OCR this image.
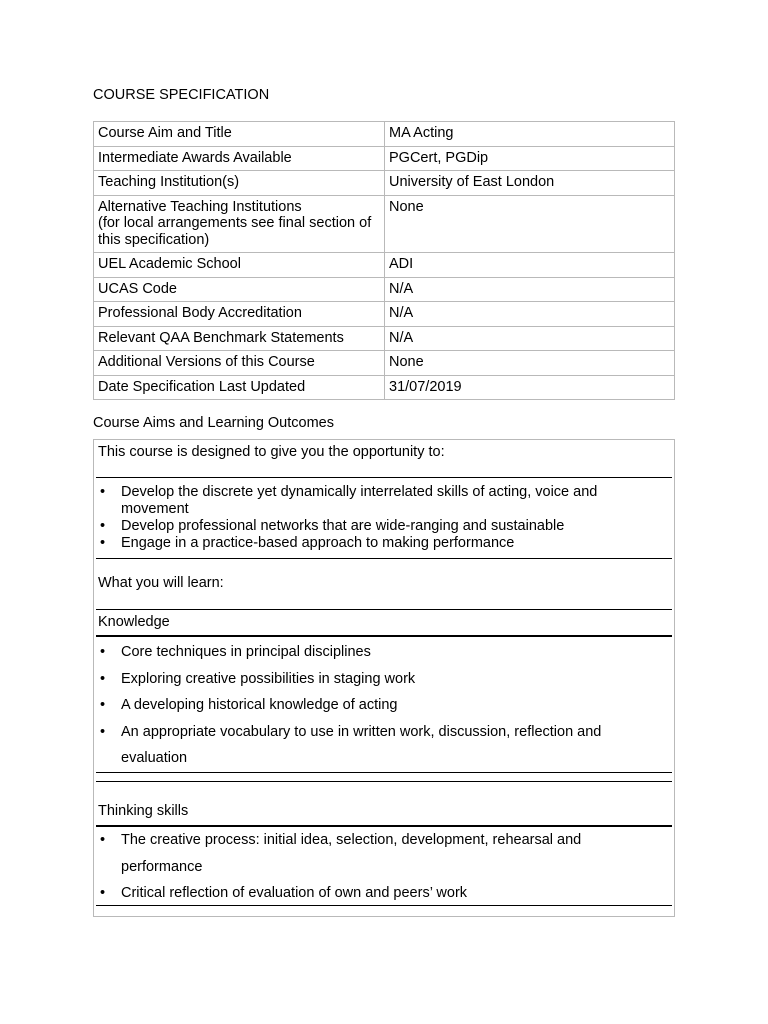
COURSE SPECIFICATION
Course Aim and Title	MA Acting
Intermediate Awards Available	PGCert, PGDip
Teaching Institution(s)	University of East London
Alternative Teaching Institutions
(for local arrangements see final section of this specification)	None
UEL Academic School	ADI
UCAS Code	N/A
Professional Body Accreditation	N/A
Relevant QAA Benchmark Statements	N/A
Additional Versions of this Course	None
Date Specification Last Updated	31/07/2019
Course Aims and Learning Outcomes

This course is designed to give you the opportunity to:

• Develop the discrete yet dynamically interrelated skills of acting, voice and movement
• Develop professional networks that are wide-ranging and sustainable
• Engage in a practice-based approach to making performance

What you will learn:

Knowledge

• Core techniques in principal disciplines
• Exploring creative possibilities in staging work
• A developing historical knowledge of acting
• An appropriate vocabulary to use in written work, discussion, reflection and evaluation

Thinking skills

• The creative process: initial idea, selection, development, rehearsal and performance
• Critical reflection of evaluation of own and peers’ work
